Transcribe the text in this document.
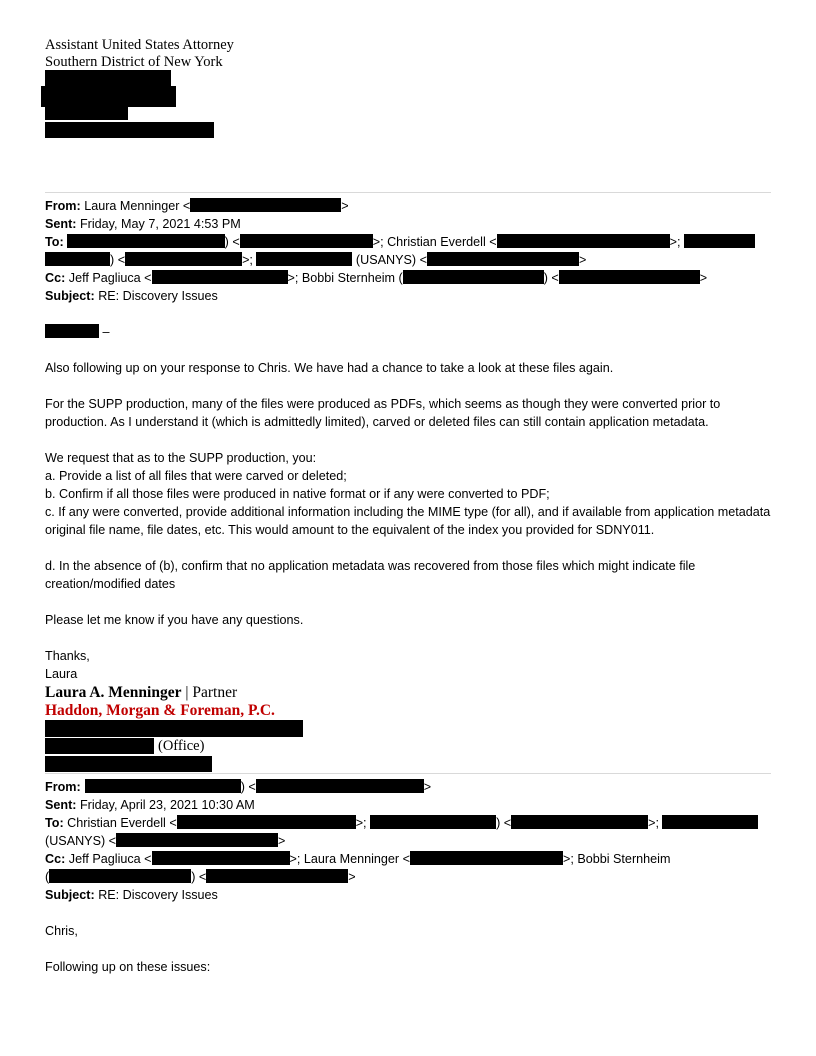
Assistant United States Attorney
Southern District of New York
From: Laura Menninger <	>
Sent: Friday, May 7, 2021 4:53 PM
To:	) <	>; Christian Everdell <	>;
) <	>;	(USANYS) <	>
Cc: Jeff Pagliuca <	>; Bobbi Sternheim (	) <	>
Subject: RE: Discovery Issues
–
Also following up on your response to Chris. We have had a chance to take a look at these files again.
For the SUPP production, many of the files were produced as PDFs, which seems as though they were converted prior to production. As I understand it (which is admittedly limited), carved or deleted files can still contain application metadata.
We request that as to the SUPP production, you:
a. Provide a list of all files that were carved or deleted;
b. Confirm if all those files were produced in native format or if any were converted to PDF;
c. If any were converted, provide additional information including the MIME type (for all), and if available from application metadata original file name, file dates, etc. This would amount to the equivalent of the index you provided for SDNY011.
d. In the absence of (b), confirm that no application metadata was recovered from those files which might indicate file creation/modified dates
Please let me know if you have any questions.
Thanks,
Laura
Laura A. Menninger | Partner
Haddon, Morgan & Foreman, P.C.
(Office)
From:	) <	>
Sent: Friday, April 23, 2021 10:30 AM
To: Christian Everdell <	>;	) <	>;
(USANYS) <	>
Cc: Jeff Pagliuca <	>; Laura Menninger <	>; Bobbi Sternheim
(	) <	>
Subject: RE: Discovery Issues
Chris,
Following up on these issues:
